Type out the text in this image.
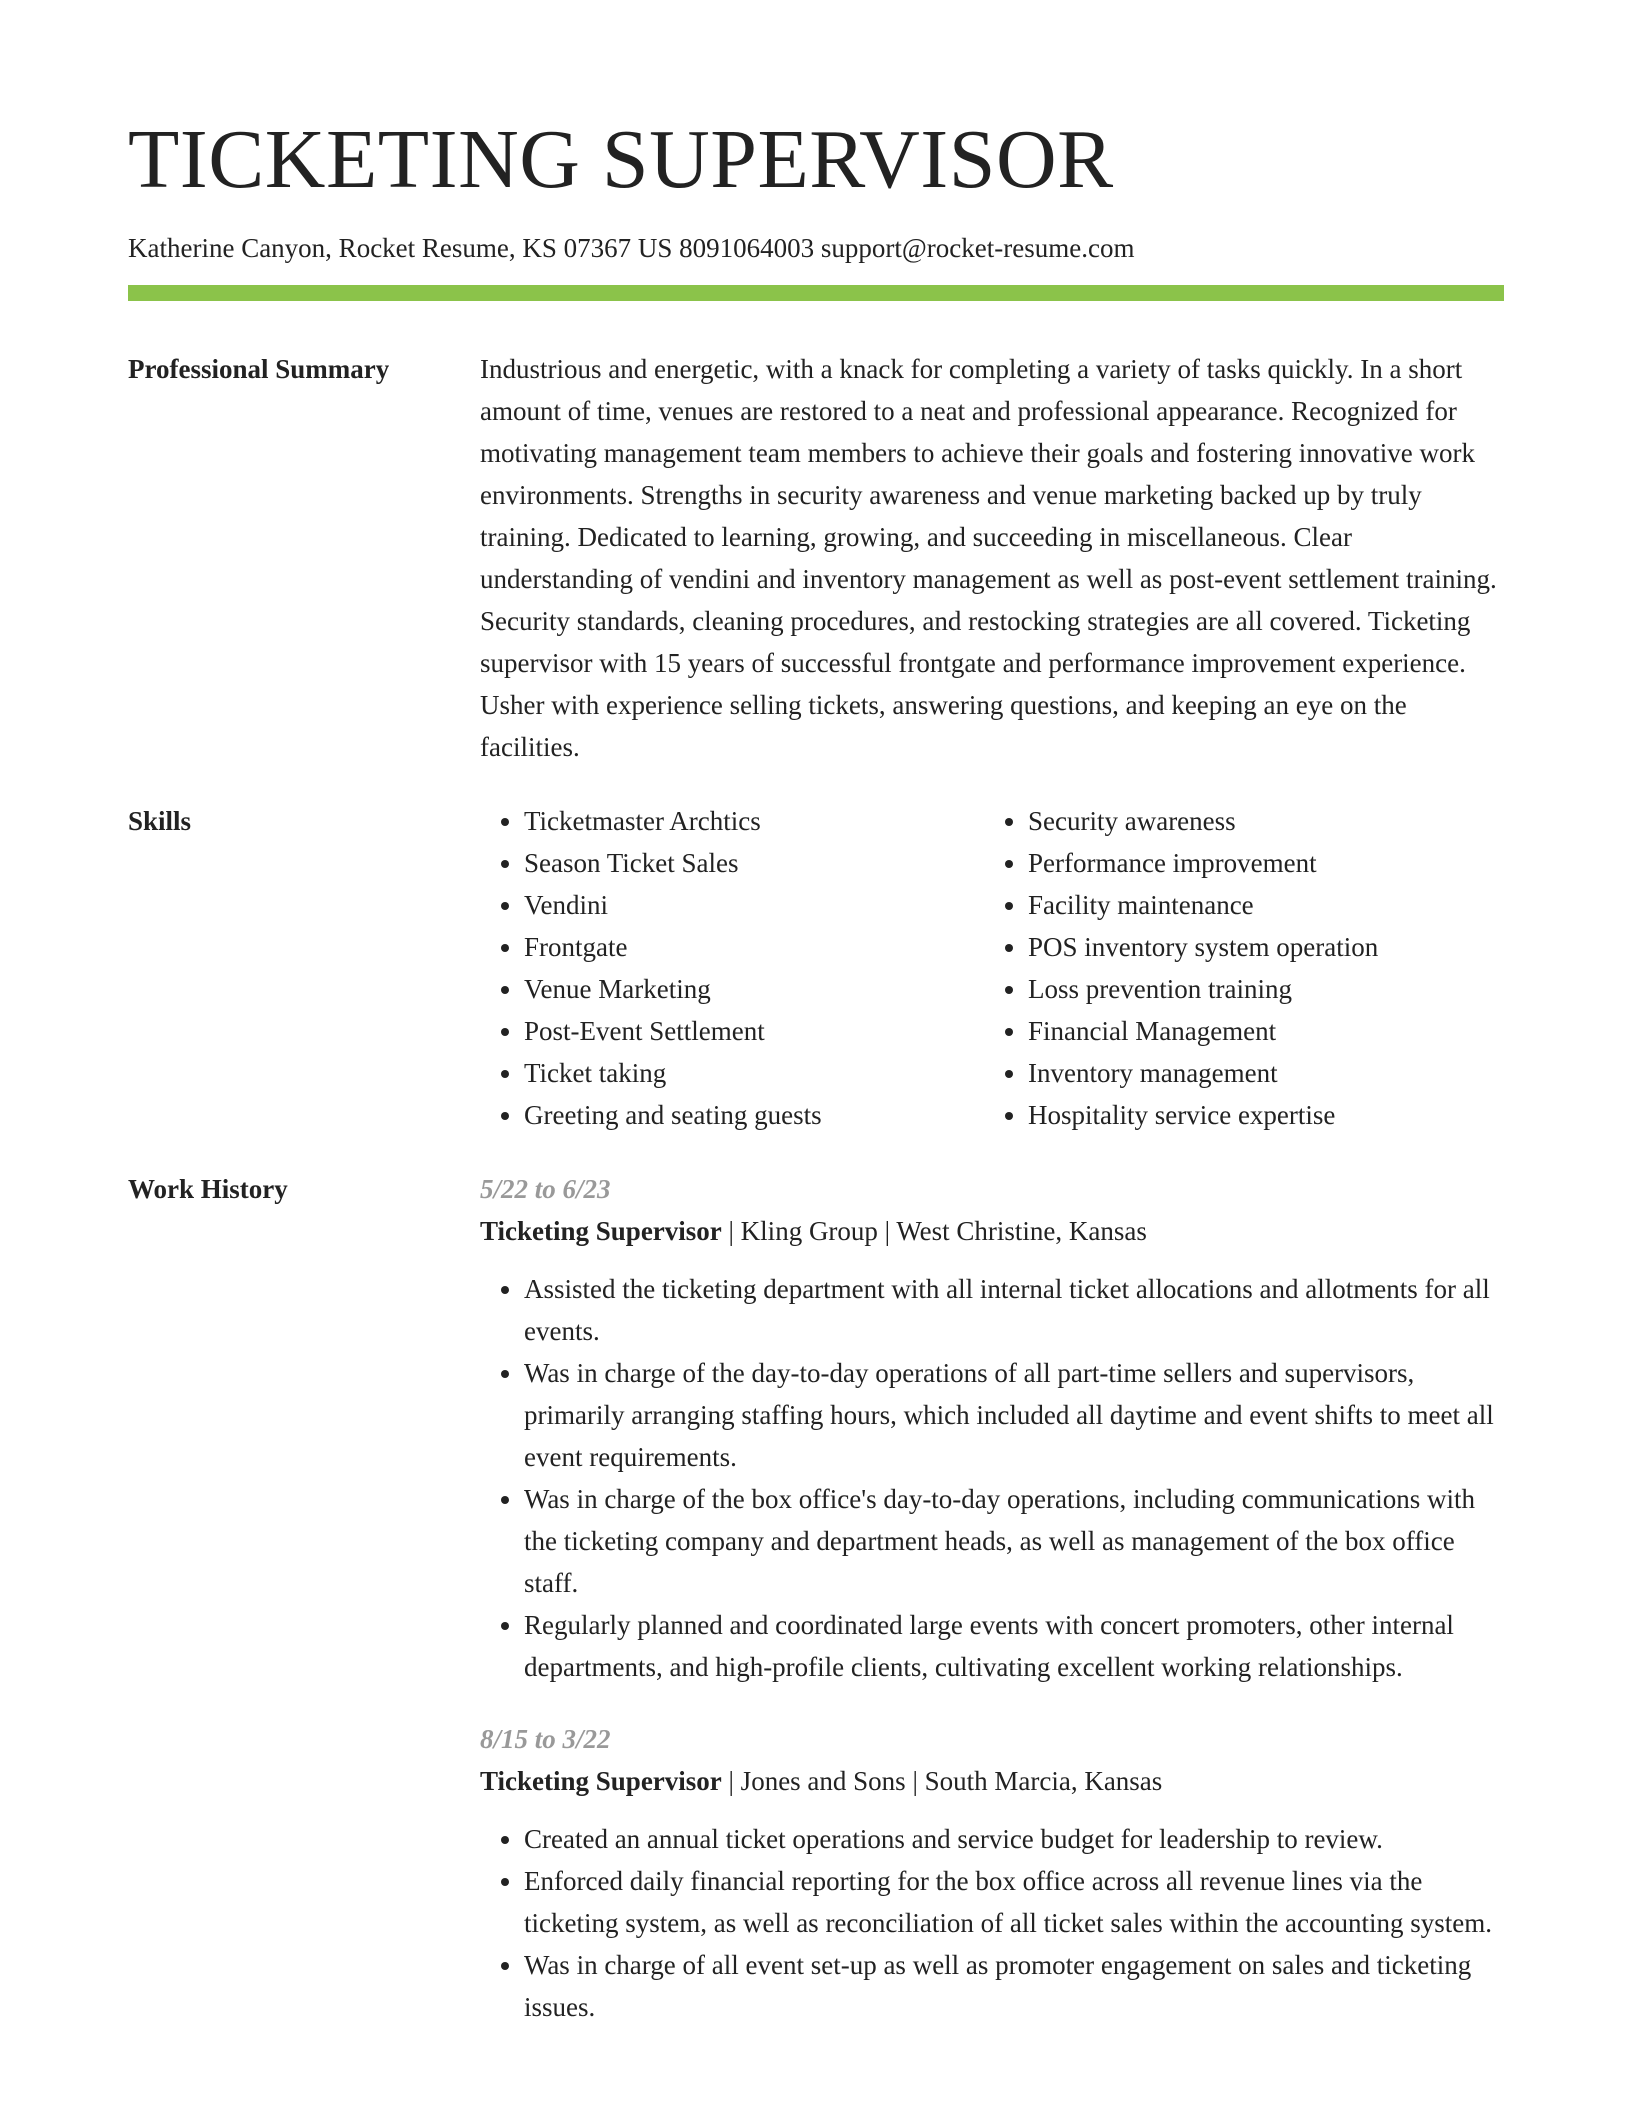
TICKETING SUPERVISOR
Katherine Canyon, Rocket Resume, KS 07367 US 8091064003 support@rocket-resume.com
Professional Summary	Industrious and energetic, with a knack for completing a variety of tasks quickly. In a short amount of time, venues are restored to a neat and professional appearance. Recognized for motivating management team members to achieve their goals and fostering innovative work environments. Strengths in security awareness and venue marketing backed up by truly training. Dedicated to learning, growing, and succeeding in miscellaneous. Clear understanding of vendini and inventory management as well as post-event settlement training. Security standards, cleaning procedures, and restocking strategies are all covered. Ticketing supervisor with 15 years of successful frontgate and performance improvement experience. Usher with experience selling tickets, answering questions, and keeping an eye on the facilities.

Skills
•	Ticketmaster Archtics
• Season Ticket Sales
• Vendini
• Frontgate
• Venue Marketing
• Post-Event Settlement
• Ticket taking
• Greeting and seating guests
• Security awareness
• Performance improvement
• Facility maintenance
• POS inventory system operation
• Loss prevention training
• Financial Management
• Inventory management
• Hospitality service expertise
Work History	5/22 to 6/23
Ticketing Supervisor | Kling Group | West Christine, Kansas
• Assisted the ticketing department with all internal ticket allocations and allotments for all events.
• Was in charge of the day-to-day operations of all part-time sellers and supervisors, primarily arranging staffing hours, which included all daytime and event shifts to meet all event requirements.
• Was in charge of the box office's day-to-day operations, including communications with the ticketing company and department heads, as well as management of the box office staff.
• Regularly planned and coordinated large events with concert promoters, other internal departments, and high-profile clients, cultivating excellent working relationships.
8/15 to 3/22
Ticketing Supervisor | Jones and Sons | South Marcia, Kansas
• Created an annual ticket operations and service budget for leadership to review.
• Enforced daily financial reporting for the box office across all revenue lines via the ticketing system, as well as reconciliation of all ticket sales within the accounting system.
• Was in charge of all event set-up as well as promoter engagement on sales and ticketing issues.
